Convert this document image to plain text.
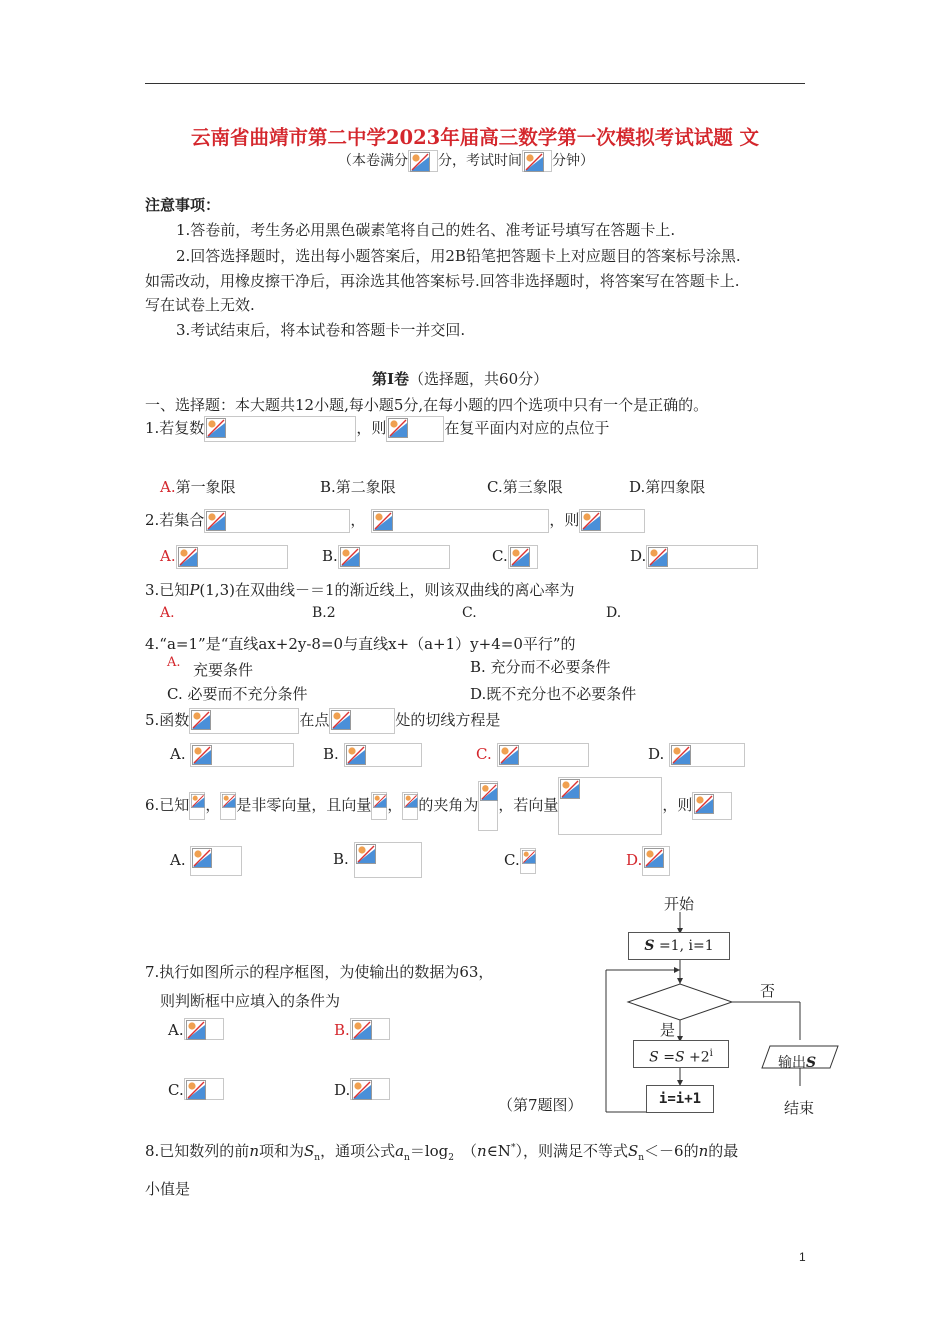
云南省曲靖市第二中学2023年届高三数学第一次模拟考试试题 文
（本卷满分 分，考试时间 分钟）
注意事项：
1.答卷前，考生务必用黑色碳素笔将自己的姓名、准考证号填写在答题卡上.
2.回答选择题时，选出每小题答案后，用2B铅笔把答题卡上对应题目的答案标号涂黑.
如需改动，用橡皮擦干净后，再涂选其他答案标号.回答非选择题时，将答案写在答题卡上.
写在试卷上无效.
3.考试结束后，将本试卷和答题卡一并交回.
第Ⅰ卷（选择题，共60分）
一、选择题：本大题共12小题,每小题5分,在每小题的四个选项中只有一个是正确的。
1.若复数	，则	在复平面内对应的点位于
A.第一象限	B.第二象限	C.第三象限	D.第四象限
2.若集合	，	，则
A.	B.	C.	D.
3.已知P(1,3)在双曲线－＝1的渐近线上，则该双曲线的离心率为
A.	B.2	C.	D.
4.“a=1”是“直线ax+2y-8=0与直线x+（a+1）y+4=0平行”的
A. 充要条件	B. 充分而不必要条件
C. 必要而不充分条件	D.既不充分也不必要条件
5.函数	在点	处的切线方程是
A.	B.	C.	D.
6.已知 ， 是非零向量，且向量 ， 的夹角为 ，若向量	，则
A.	B.	C.	D.
7.执行如图所示的程序框图，为使输出的数据为63，
则判断框中应填入的条件为
A.	B.
C.	D.
（第7题图）
开始
S =1, i=1
否
是
$S =S +2^i$
i=i+1
输出S
结束
8.已知数列的前n项和为$S_n$，通项公式$a_n=\log_2$ （n∈N*），则满足不等式$S_n<-6$的n的最
小值是
1
